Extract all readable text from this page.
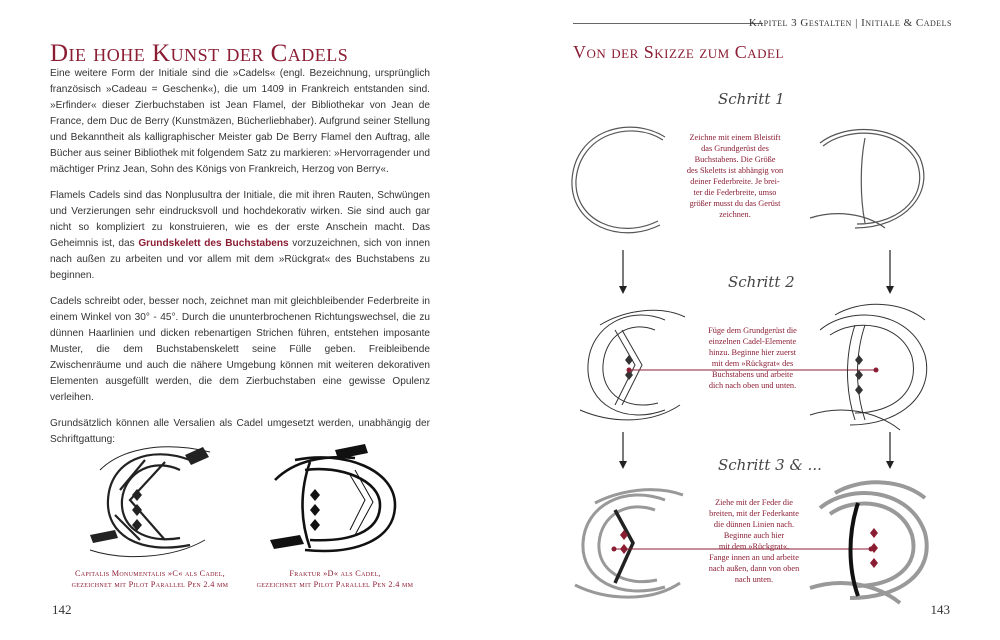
Die hohe Kunst der Cadels

Eine weitere Form der Initiale sind die »Cadels« (engl. Bezeichnung, ursprünglich französisch »Cadeau = Geschenk«), die um 1409 in Frankreich entstanden sind. »Erfinder« dieser Zierbuchstaben ist Jean Flamel, der Bibliothekar von Jean de France, dem Duc de Berry (Kunstmäzen, Bücherliebhaber). Aufgrund seiner Stellung und Bekanntheit als kalligraphischer Meister gab De Berry Flamel den Auftrag, alle Bücher aus seiner Bibliothek mit folgendem Satz zu markieren: »Hervorragender und mächtiger Prinz Jean, Sohn des Königs von Frankreich, Herzog von Berry«.

Flamels Cadels sind das Nonplusultra der Initiale, die mit ihren Rauten, Schwüngen und Verzierungen sehr eindrucksvoll und hochdekorativ wirken. Sie sind auch gar nicht so kompliziert zu konstruieren, wie es der erste Anschein macht. Das Geheimnis ist, das Grundskelett des Buchstabens vorzuzeichnen, sich von innen nach außen zu arbeiten und vor allem mit dem »Rückgrat« des Buchstabens zu beginnen.

Cadels schreibt oder, besser noch, zeichnet man mit gleichbleibender Federbreite in einem Winkel von 30° - 45°. Durch die ununterbrochenen Richtungswechsel, die zu dünnen Haarlinien und dicken rebenartigen Strichen führen, entstehen imposante Muster, die dem Buchstabenskelett seine Fülle geben. Freibleibende Zwischenräume und auch die nähere Umgebung können mit weiteren dekorativen Elementen ausgefüllt werden, die dem Zierbuchstaben eine gewisse Opulenz verleihen.

Grundsätzlich können alle Versalien als Cadel umgesetzt werden, unabhängig der Schriftgattung:

Capitalis Monumentalis »C« als Cadel,
gezeichnet mit Pilot Parallel Pen 2.4 mm
Fraktur »D« als Cadel,
gezeichnet mit Pilot Parallel Pen 2.4 mm
142
Kapitel 3 Gestalten | Initiale & Cadels
Von der Skizze zum Cadel
Schritt 1
Zeichne mit einem Bleistift
das Grundgerüst des
Buchstabens. Die Größe
des Skeletts ist abhängig von
deiner Federbreite. Je brei-
ter die Federbreite, umso
größer musst du das Gerüst
zeichnen.
Schritt 2
Füge dem Grundgerüst die
einzelnen Cadel-Elemente
hinzu. Beginne hier zuerst
mit dem »Rückgrat« des
Buchstabens und arbeite
dich nach oben und unten.
Schritt 3 & ...
Ziehe mit der Feder die
breiten, mit der Federkante
die dünnen Linien nach.
Beginne auch hier
mit dem »Rückgrat«.
Fange innen an und arbeite
nach außen, dann von oben
nach unten.
143
